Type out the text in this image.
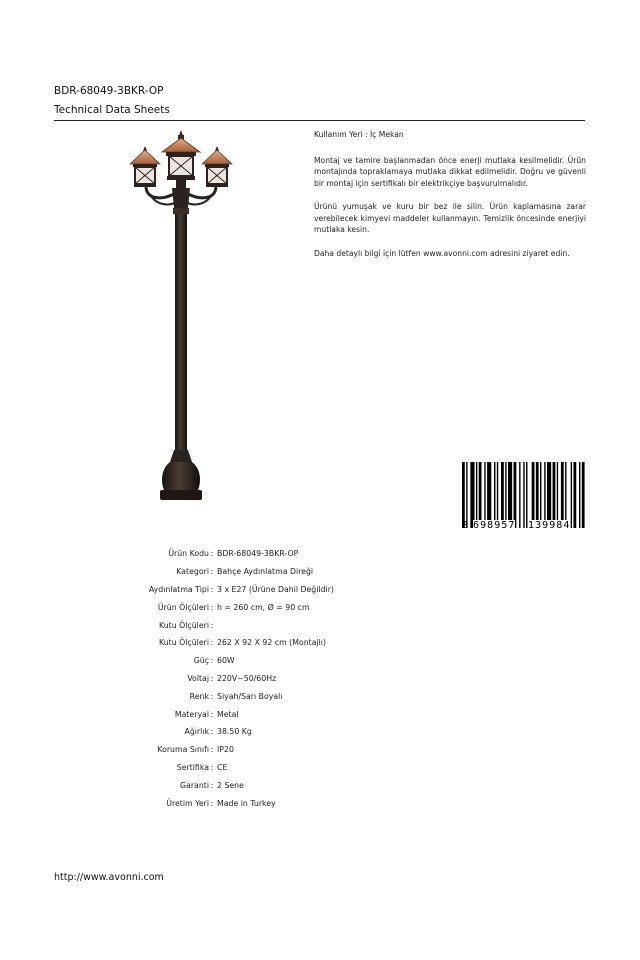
BDR-68049-3BKR-OP
Technical Data Sheets

Kullanım Yeri : İç Mekan

Montaj ve tamire başlanmadan önce enerji mutlaka kesilmelidir. Ürün montajında topraklamaya mutlaka dikkat edilmelidir. Doğru ve güvenli bir montaj için sertifikalı bir elektrikçiye başvurulmalıdır.

Ürünü yumuşak ve kuru bir bez ile silin. Ürün kaplamasına zarar verebilecek kimyevi maddeler kullanmayın. Temizlik öncesinde enerjiyi mutlaka kesin.

Daha detaylı bilgi için lütfen www.avonni.com adresini ziyaret edin.

8 698957 139984
Ürün Kodu : BDR-68049-3BKR-OP
Kategori : Bahçe Aydınlatma Direği
Aydınlatma Tipi : 3 x E27 (Ürüne Dahil Değildir)
Ürün Ölçüleri : h = 260 cm, Ø = 90 cm
Kutu Ölçüleri :
Kutu Ölçüleri : 262 X 92 X 92 cm (Montajlı)
Güç : 60W
Voltaj : 220V~50/60Hz
Renk : Siyah/Sarı Boyalı
Materyal : Metal
Ağırlık : 38.50 Kg
Koruma Sınıfı : IP20
Sertifika : CE
Garanti : 2 Sene
Üretim Yeri : Made in Turkey
http://www.avonni.com
